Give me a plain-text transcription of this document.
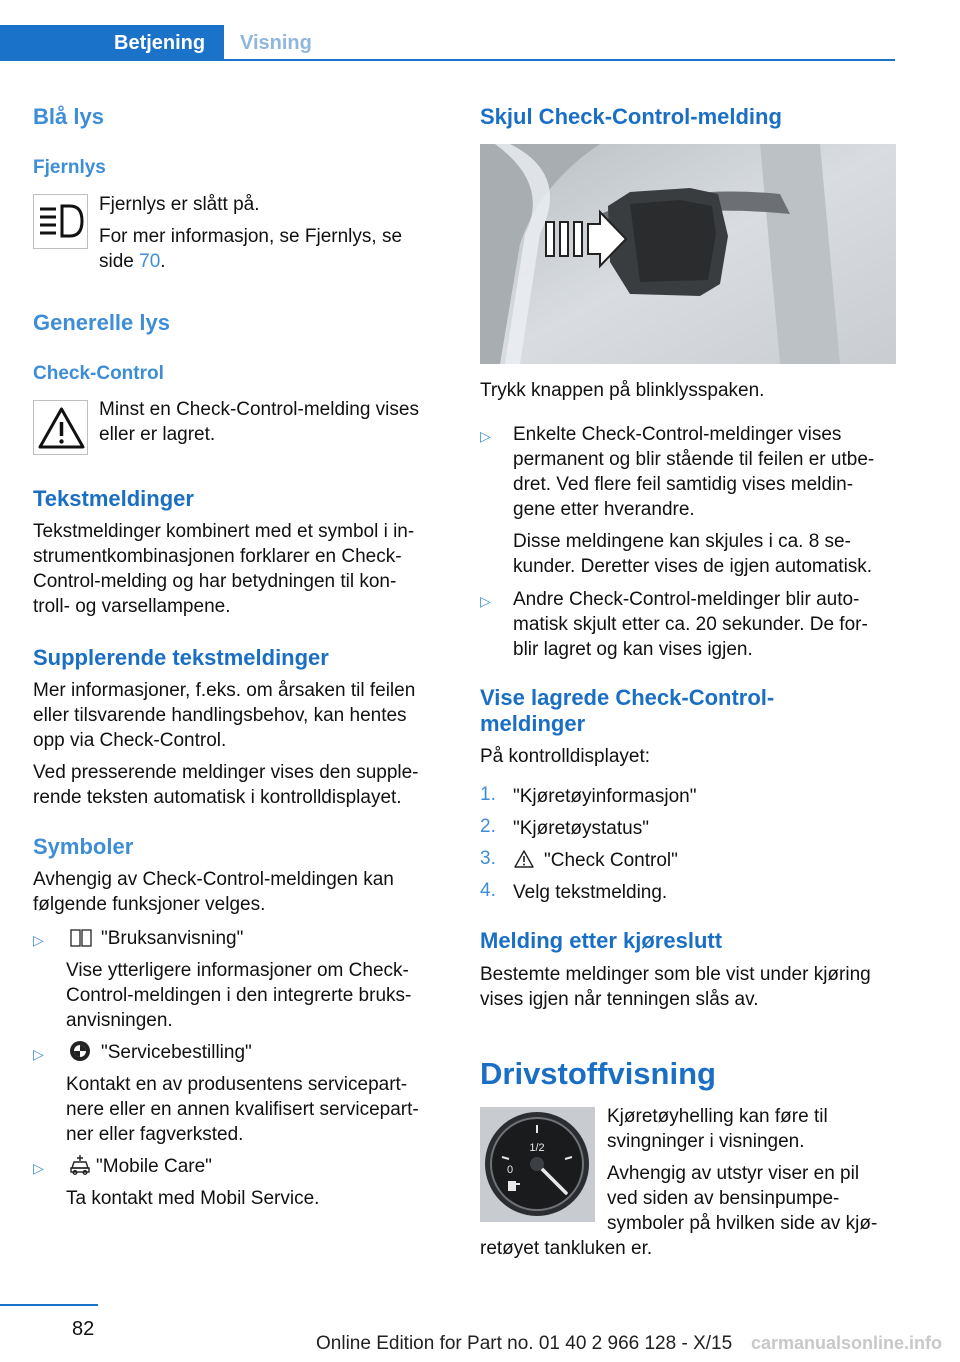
Betjening	Visning
Blå lys
Fjernlys
Fjernlys er slått på.
For mer informasjon, se Fjernlys, se
side 70.
Generelle lys
Check-Control
Minst en Check-Control-melding vises
eller er lagret.
Tekstmeldinger
Tekstmeldinger kombinert med et symbol i in-
strumentkombinasjonen forklarer en Check-
Control-melding og har betydningen til kon-
troll- og varsellampene.
Supplerende tekstmeldinger
Mer informasjoner, f.eks. om årsaken til feilen
eller tilsvarende handlingsbehov, kan hentes
opp via Check-Control.
Ved presserende meldinger vises den supple-
rende teksten automatisk i kontrolldisplayet.
Symboler
Avhengig av Check-Control-meldingen kan
følgende funksjoner velges.
▷	"Bruksanvisning"
Vise ytterligere informasjoner om Check-
Control-meldingen i den integrerte bruks-
anvisningen.
▷	"Servicebestilling"
Kontakt en av produsentens servicepart-
nere eller en annen kvalifisert servicepart-
ner eller fagverksted.
▷	"Mobile Care"
Ta kontakt med Mobil Service.
Skjul Check-Control-melding
Trykk knappen på blinklysspaken.
▷ Enkelte Check-Control-meldinger vises
permanent og blir stående til feilen er utbe-
dret. Ved flere feil samtidig vises meldin-
gene etter hverandre.
Disse meldingene kan skjules i ca. 8 se-
kunder. Deretter vises de igjen automatisk.
▷ Andre Check-Control-meldinger blir auto-
matisk skjult etter ca. 20 sekunder. De for-
blir lagret og kan vises igjen.
Vise lagrede Check-Control-
meldinger
På kontrolldisplayet:
1. "Kjøretøyinformasjon"
2. "Kjøretøystatus"
3.	"Check Control"
4. Velg tekstmelding.
Melding etter kjøreslutt
Bestemte meldinger som ble vist under kjøring
vises igjen når tenningen slås av.
Drivstoffvisning
1/2
0
Kjøretøyhelling kan føre til
svingninger i visningen.
Avhengig av utstyr viser en pil
ved siden av bensinpumpe-
symboler på hvilken side av kjø-
retøyet tankluken er.
82
Online Edition for Part no. 01 40 2 966 128 - X/15 carmanualsonline.info
